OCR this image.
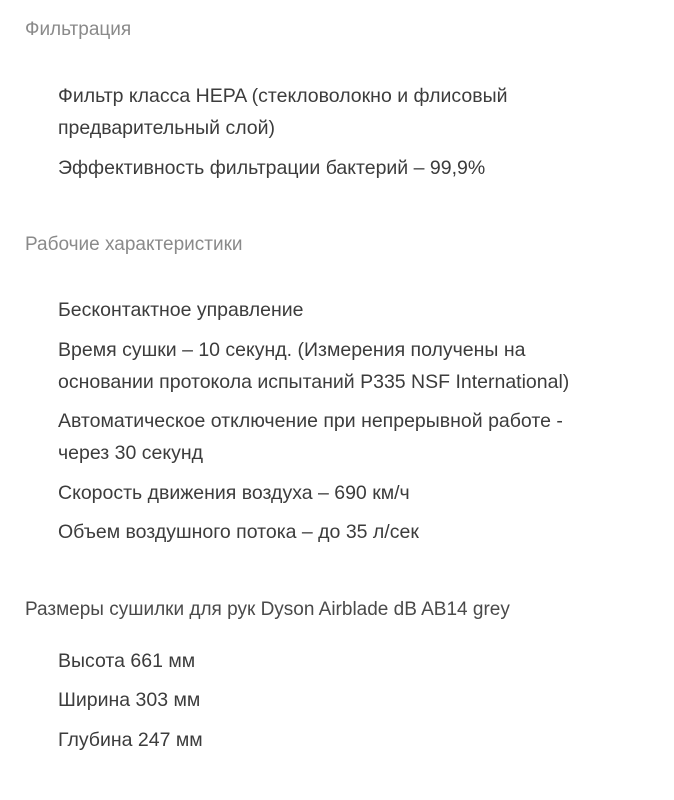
Фильтрация
Фильтр класса HEPA (стекловолокно и флисовый
предварительный слой)
Эффективность фильтрации бактерий – 99,9%
Рабочие характеристики
Бесконтактное управление
Время сушки – 10 секунд. (Измерения получены на
основании протокола испытаний P335 NSF International)
Автоматическое отключение при непрерывной работе -
через 30 секунд
Скорость движения воздуха – 690 км/ч
Объем воздушного потока – до 35 л/сек
Размеры сушилки для рук Dyson Airblade dB AB14 grey
Высота 661 мм
Ширина 303 мм
Глубина 247 мм
